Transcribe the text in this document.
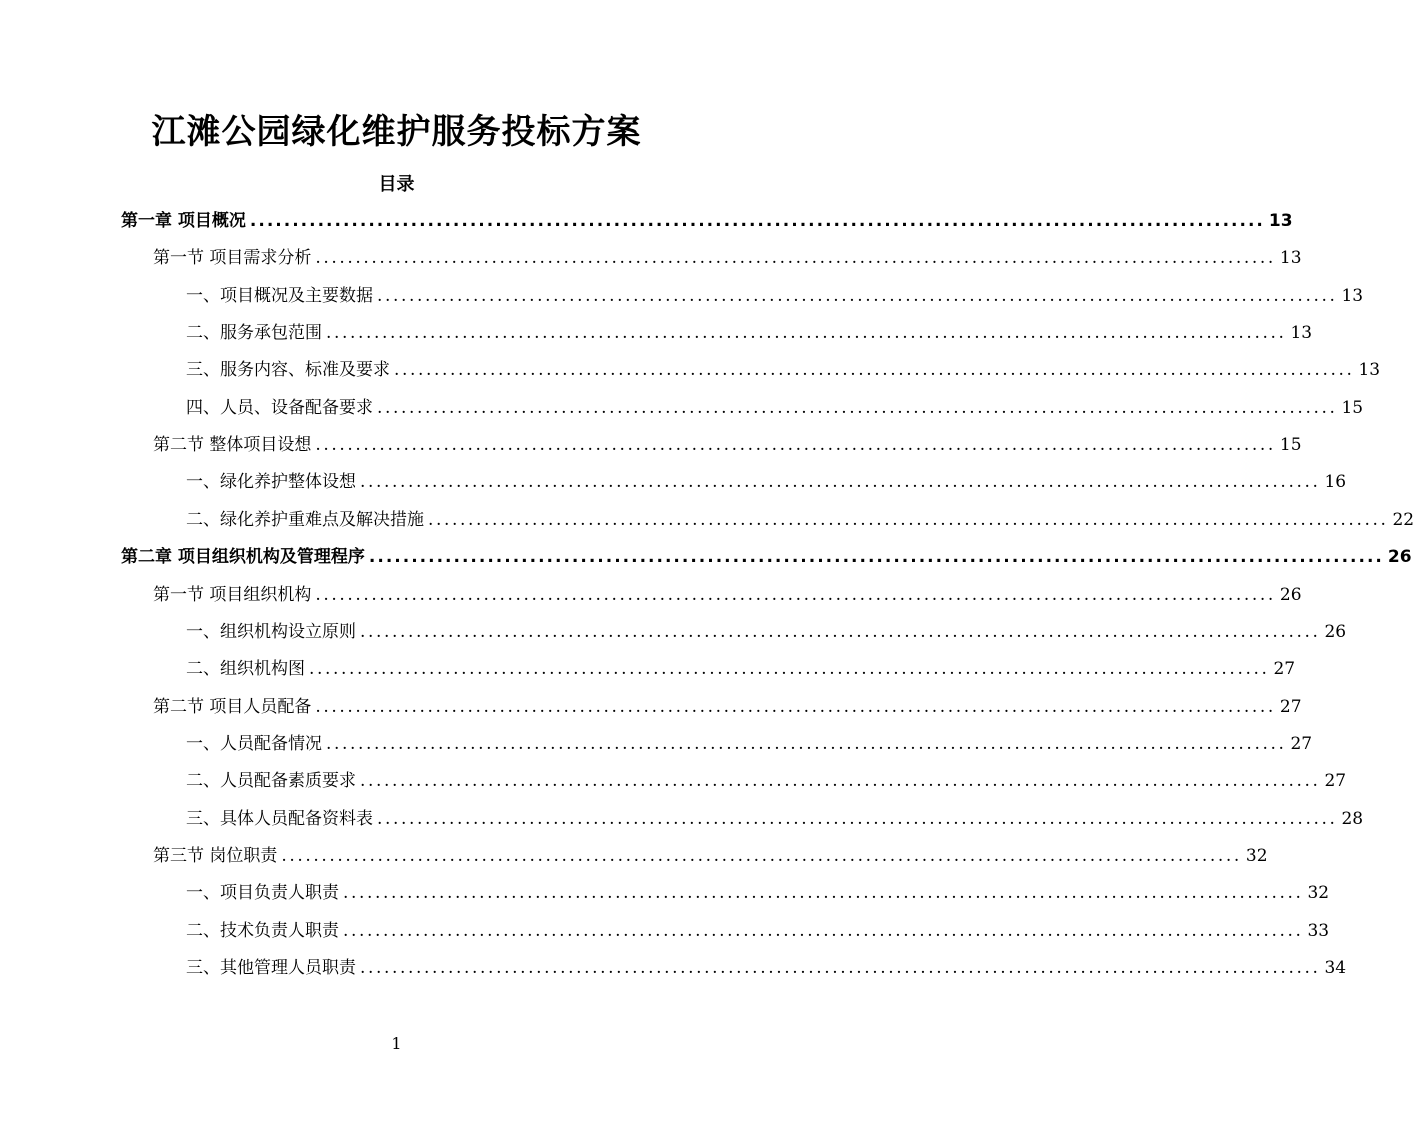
江滩公园绿化维护服务投标方案
目录
第一章 项目概况 ........................................................................................................................ 13
第一节 项目需求分析 ........................................................................................................................ 13
一、项目概况及主要数据 ........................................................................................................................ 13
二、服务承包范围 ........................................................................................................................ 13
三、服务内容、标准及要求 ........................................................................................................................ 13
四、人员、设备配备要求 ........................................................................................................................ 15
第二节 整体项目设想 ........................................................................................................................ 15
一、绿化养护整体设想 ........................................................................................................................ 16
二、绿化养护重难点及解决措施 ........................................................................................................................ 22
第二章 项目组织机构及管理程序 ........................................................................................................................ 26
第一节 项目组织机构 ........................................................................................................................ 26
一、组织机构设立原则 ........................................................................................................................ 26
二、组织机构图 ........................................................................................................................ 27
第二节 项目人员配备 ........................................................................................................................ 27
一、人员配备情况 ........................................................................................................................ 27
二、人员配备素质要求 ........................................................................................................................ 27
三、具体人员配备资料表 ........................................................................................................................ 28
第三节 岗位职责 ........................................................................................................................ 32
一、项目负责人职责 ........................................................................................................................ 32
二、技术负责人职责 ........................................................................................................................ 33
三、其他管理人员职责 ........................................................................................................................ 34
1
